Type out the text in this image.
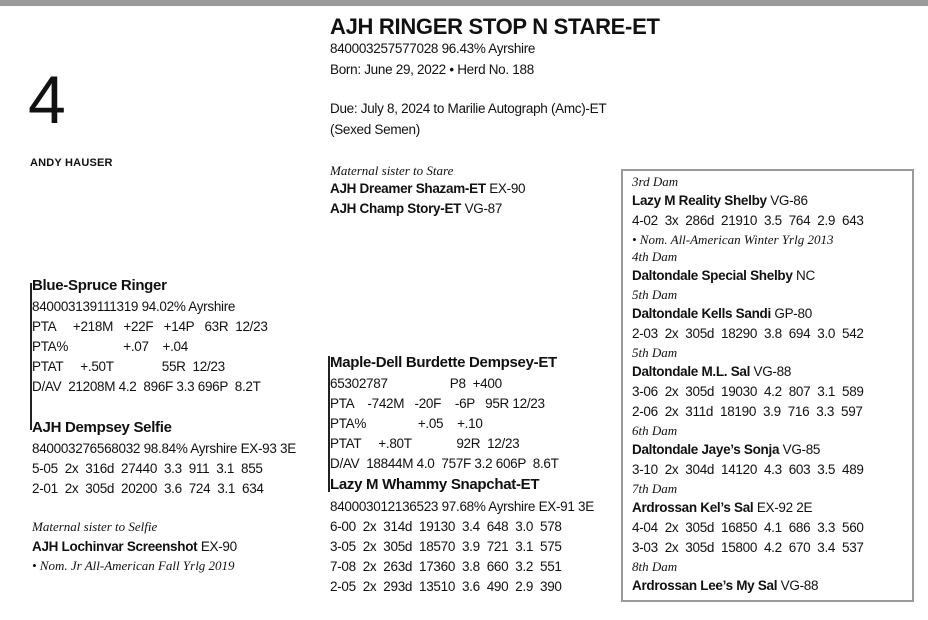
4
ANDY HAUSER
AJH RINGER STOP N STARE-ET
840003257577028 96.43% Ayrshire
Born: June 29, 2022 • Herd No. 188
Due: July 8, 2024 to Marilie Autograph (Amc)-ET
(Sexed Semen)
Maternal sister to Stare
AJH Dreamer Shazam-ET EX-90
AJH Champ Story-ET VG-87
Blue-Spruce Ringer
840003139111319 94.02% Ayrshire
PTA     +218M   +22F   +14P   63R  12/23
PTA%                +.07    +.04
PTAT     +.50T              55R  12/23
D/AV  21208M 4.2  896F 3.3 696P  8.2T
AJH Dempsey Selfie
840003276568032 98.84% Ayrshire EX-93 3E
5-05  2x  316d  27440  3.3  911  3.1  855
2-01  2x  305d  20200  3.6  724  3.1  634
Maternal sister to Selfie
AJH Lochinvar Screenshot EX-90
• Nom. Jr All-American Fall Yrlg 2019
Maple-Dell Burdette Dempsey-ET
65302787                  P8  +400
PTA    -742M   -20F    -6P   95R 12/23
PTA%               +.05    +.10
PTAT     +.80T             92R  12/23
D/AV  18844M 4.0  757F 3.2 606P  8.6T
Lazy M Whammy Snapchat-ET
840003012136523 97.68% Ayrshire EX-91 3E
6-00  2x  314d  19130  3.4  648  3.0  578
3-05  2x  305d  18570  3.9  721  3.1  575
7-08  2x  263d  17360  3.8  660  3.2  551
2-05  2x  293d  13510  3.6  490  2.9  390
3rd Dam
Lazy M Reality Shelby VG-86
4-02  3x  286d  21910  3.5  764  2.9  643
• Nom. All-American Winter Yrlg 2013
4th Dam
Daltondale Special Shelby NC
5th Dam
Daltondale Kells Sandi GP-80
2-03  2x  305d  18290  3.8  694  3.0  542
5th Dam
Daltondale M.L. Sal VG-88
3-06  2x  305d  19030  4.2  807  3.1  589
2-06  2x  311d  18190  3.9  716  3.3  597
6th Dam
Daltondale Jaye’s Sonja VG-85
3-10  2x  304d  14120  4.3  603  3.5  489
7th Dam
Ardrossan Kel’s Sal EX-92 2E
4-04  2x  305d  16850  4.1  686  3.3  560
3-03  2x  305d  15800  4.2  670  3.4  537
8th Dam
Ardrossan Lee’s My Sal VG-88
